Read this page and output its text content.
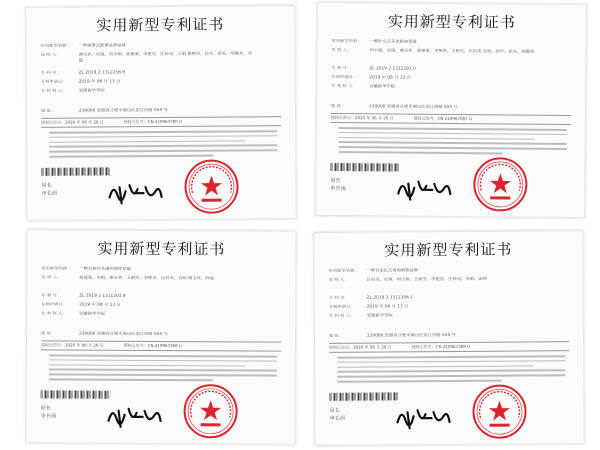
实用新型专利证书
实用新型名称： 一种便携式健康监测装置
发 明 人：	谢宝祥，吴娟，刘小娟，聂豪豪，李艳君，庄岩茂，王娟 谢辉同，孙丰，张英，胡鑫苑，刘磊
专 利 号：	ZL 2019 2 1312256.9
专利申请日：	2019 年 08 月 13 日
专 利 权 人：	安徽新华学院
地 址：	230000 安徽省合肥市蜀山区望江西路 555 号
授权公告日：2020 年 06 月 26 日	授权公告号：CN 210963780 U
局长
申长雨
实用新型专利证书
实用新型名称： 一种肝点式多用路面装置
发 明 人：	何小娟，吴娟，谢宝祥，聂豪豪，李艳君，王娟雪，庄岩茂 吴娟，孙丰，张英，胡鑫苑
专 利 号：	ZL 2019 2 1312291.0
专利申请日：	2019 年 08 月 13 日
专 利 权 人：	安徽新华学院
地 址：	230000 安徽省合肥市蜀山区望江西路 555 号
授权公告日：2020 年 06 月 26 日	授权公告号：CN 210967087 U
局长
申长雨
实用新型专利证书
实用新型名称： 一种自复位式辅助调度装置
发 明 人：	聂豪豪，吴娟，谢宝祥，王娟雪，李艳君，庄岩茂，吴娟 谢宝祥，陈霞
专 利 号：	ZL 2019 2 1311303.9
专利申请日：	2019 年 08 月 13 日
专 利 权 人：	安徽新华学院
地 址：	230000 安徽省合肥市蜀山区望江西路 555 号
授权公告日：2020 年 06 月 26 日	授权公告号：CN 210967388 U
局长
申长雨
实用新型专利证书
实用新型名称： 一种自复位式滑道隔振装置
发 明 人：	庄岩茂，吴娟，何小娟，王娟雪，李艳君，庄岩茂，吴娟，孟莉
专 利 号：	ZL 2019 2 1311356.1
专利申请日：	2019 年 08 月 13 日
专 利 权 人：	安徽新华学院
地 址：	230000 安徽省合肥市蜀山区望江西路 555 号
授权公告日：2020 年 06 月 26 日	授权公告号：CN 210967389 U
局长
申长雨
